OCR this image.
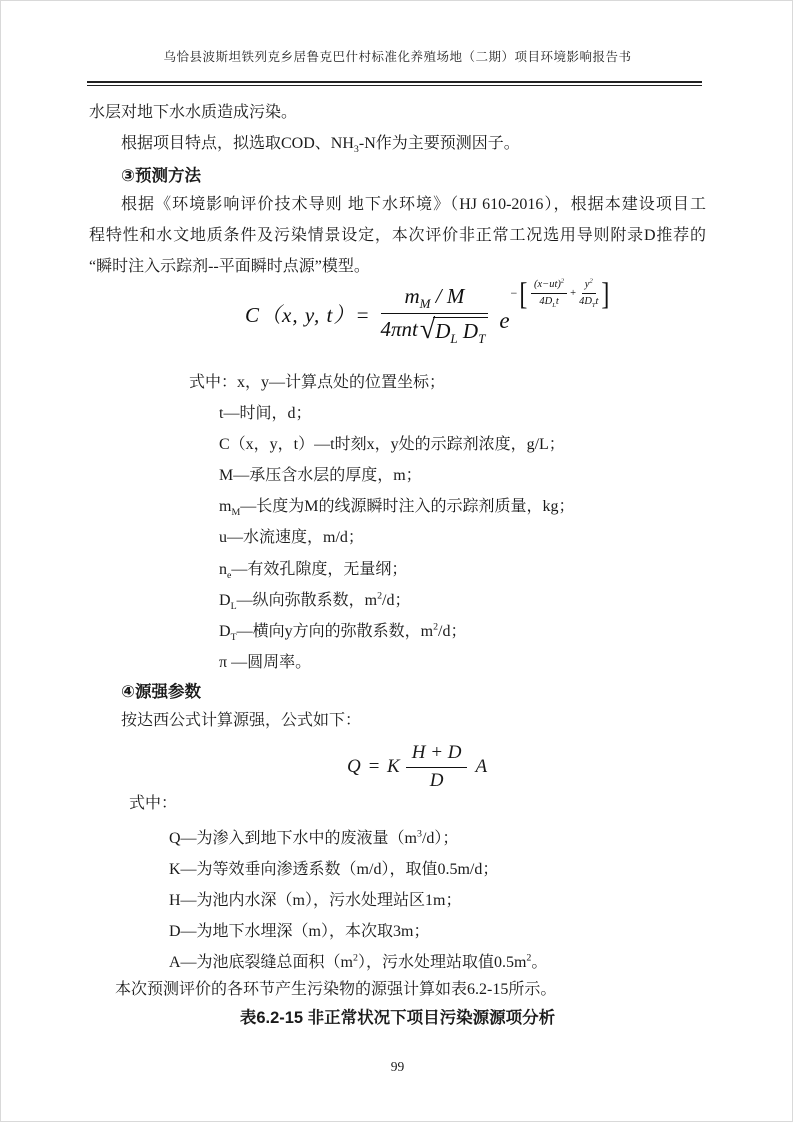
乌恰县波斯坦铁列克乡居鲁克巴什村标准化养殖场地（二期）项目环境影响报告书
水层对地下水水质造成污染。
根据项目特点，拟选取COD、$NH_3-N$作为主要预测因子。
③预测方法
根据《环境影响评价技术导则 地下水环境》（HJ 610-2016），根据本建设项目工
程特性和水文地质条件及污染情景设定，本次评价非正常工况选用导则附录D推荐的
“瞬时注入示踪剂--平面瞬时点源”模型。
C（x, y, $t)= \frac{m_M / M}{4\pi nt √ D_L D_T}$ e
− [ $(x-ut)^2$
$4D_Lt$
+
$y^2$
$4D_Tt$ ]
式中：x，y—计算点处的位置坐标；
t—时间，d；
C（x，y，t）—t时刻x，y处的示踪剂浓度，g/L；
M—承压含水层的厚度，m；
$m_M—$长度为M的线源瞬时注入的示踪剂质量，kg；
u—水流速度，m/d；
$n_e—$有效孔隙度，无量纲；
$D_L—$纵向弥散系数，$m^2/d$；
$D_T—$横向y方向的弥散系数，$m^2/d$；
π —圆周率。
④源强参数
按达西公式计算源强，公式如下：
Q = K $\frac{H + D}{D}$ A
式中：
Q—为渗入到地下水中的废液量$(m^3/d)$；
K—为等效垂向渗透系数（m/d），取值0.5m/d；
H—为池内水深（m），污水处理站区1m；
D—为地下水埋深（m），本次取3m；
A—为池底裂缝总面积$(m^2)$，污水处理站取值$0.5m^2$。
本次预测评价的各环节产生污染物的源强计算如表6.2-15所示。
表6.2-15 非正常状况下项目污染源源项分析
99
